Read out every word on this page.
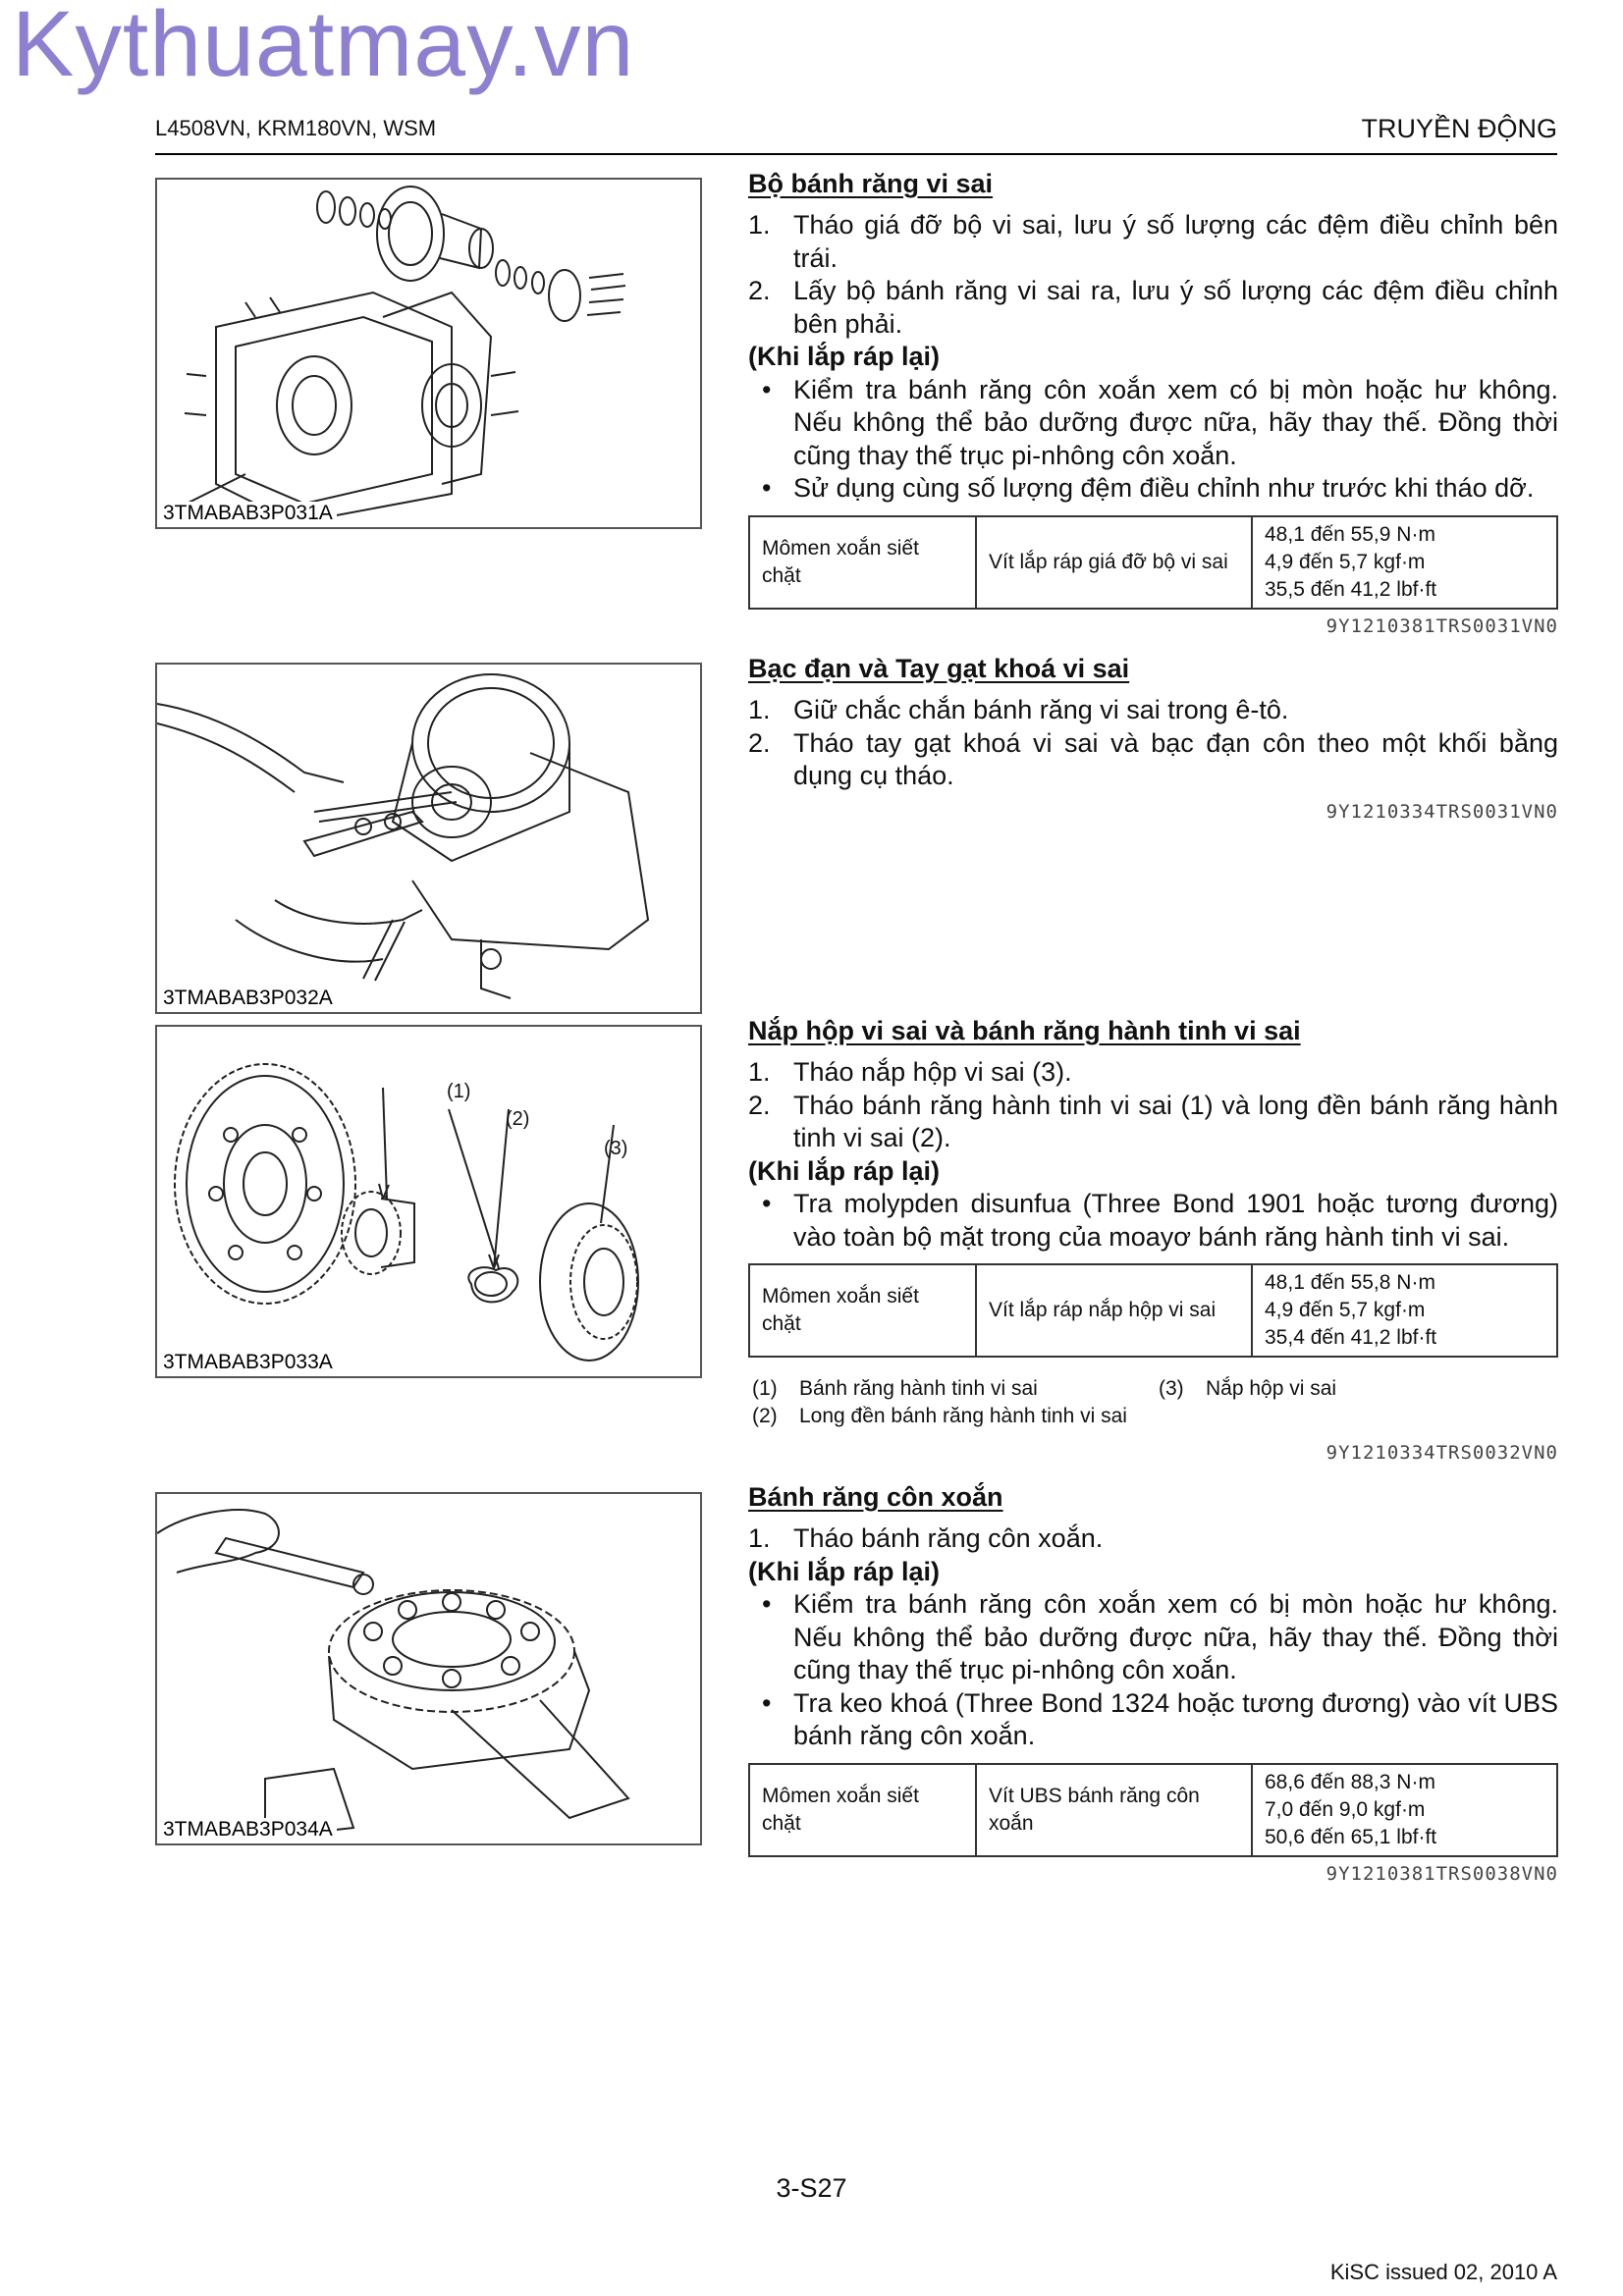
Kythuatmay.vn
L4508VN, KRM180VN, WSM	TRUYỀN ĐỘNG
3TMABAB3P031A
3TMABAB3P032A
(1)
(2)
(3)
3TMABAB3P033A
3TMABAB3P034A
Bộ bánh răng vi sai
1. Tháo giá đỡ bộ vi sai, lưu ý số lượng các đệm điều chỉnh bên trái.
2. Lấy bộ bánh răng vi sai ra, lưu ý số lượng các đệm điều chỉnh bên phải.
(Khi lắp ráp lại)
• Kiểm tra bánh răng côn xoắn xem có bị mòn hoặc hư không. Nếu không thể bảo dưỡng được nữa, hãy thay thế. Đồng thời cũng thay thế trục pi-nhông côn xoắn.
• Sử dụng cùng số lượng đệm điều chỉnh như trước khi tháo dỡ.
Mômen xoắn siết chặt	Vít lắp ráp giá đỡ bộ vi sai	
48,1 đến 55,9 N·m
4,9 đến 5,7 kgf·m
35,5 đến 41,2 lbf·ft
9Y1210381TRS0031VN0
Bạc đạn và Tay gạt khoá vi sai
1. Giữ chắc chắn bánh răng vi sai trong ê-tô.
2. Tháo tay gạt khoá vi sai và bạc đạn côn theo một khối bằng dụng cụ tháo.
9Y1210334TRS0031VN0
Nắp hộp vi sai và bánh răng hành tinh vi sai
1. Tháo nắp hộp vi sai (3).
2. Tháo bánh răng hành tinh vi sai (1) và long đền bánh răng hành tinh vi sai (2).
(Khi lắp ráp lại)
• Tra molypden disunfua (Three Bond 1901 hoặc tương đương) vào toàn bộ mặt trong của moayơ bánh răng hành tinh vi sai.
Mômen xoắn siết chặt	Vít lắp ráp nắp hộp vi sai	
48,1 đến 55,8 N·m
4,9 đến 5,7 kgf·m
35,4 đến 41,2 lbf·ft
(1)	Bánh răng hành tinh vi sai
(2)	Long đền bánh răng hành tinh vi sai
(3)	Nắp hộp vi sai
9Y1210334TRS0032VN0
Bánh răng côn xoắn
1. Tháo bánh răng côn xoắn.
(Khi lắp ráp lại)
• Kiểm tra bánh răng côn xoắn xem có bị mòn hoặc hư không. Nếu không thể bảo dưỡng được nữa, hãy thay thế. Đồng thời cũng thay thế trục pi-nhông côn xoắn.
• Tra keo khoá (Three Bond 1324 hoặc tương đương) vào vít UBS bánh răng côn xoắn.
Mômen xoắn siết chặt	Vít UBS bánh răng côn xoắn	
68,6 đến 88,3 N·m
7,0 đến 9,0 kgf·m
50,6 đến 65,1 lbf·ft
9Y1210381TRS0038VN0
3-S27
KiSC issued 02, 2010 A
